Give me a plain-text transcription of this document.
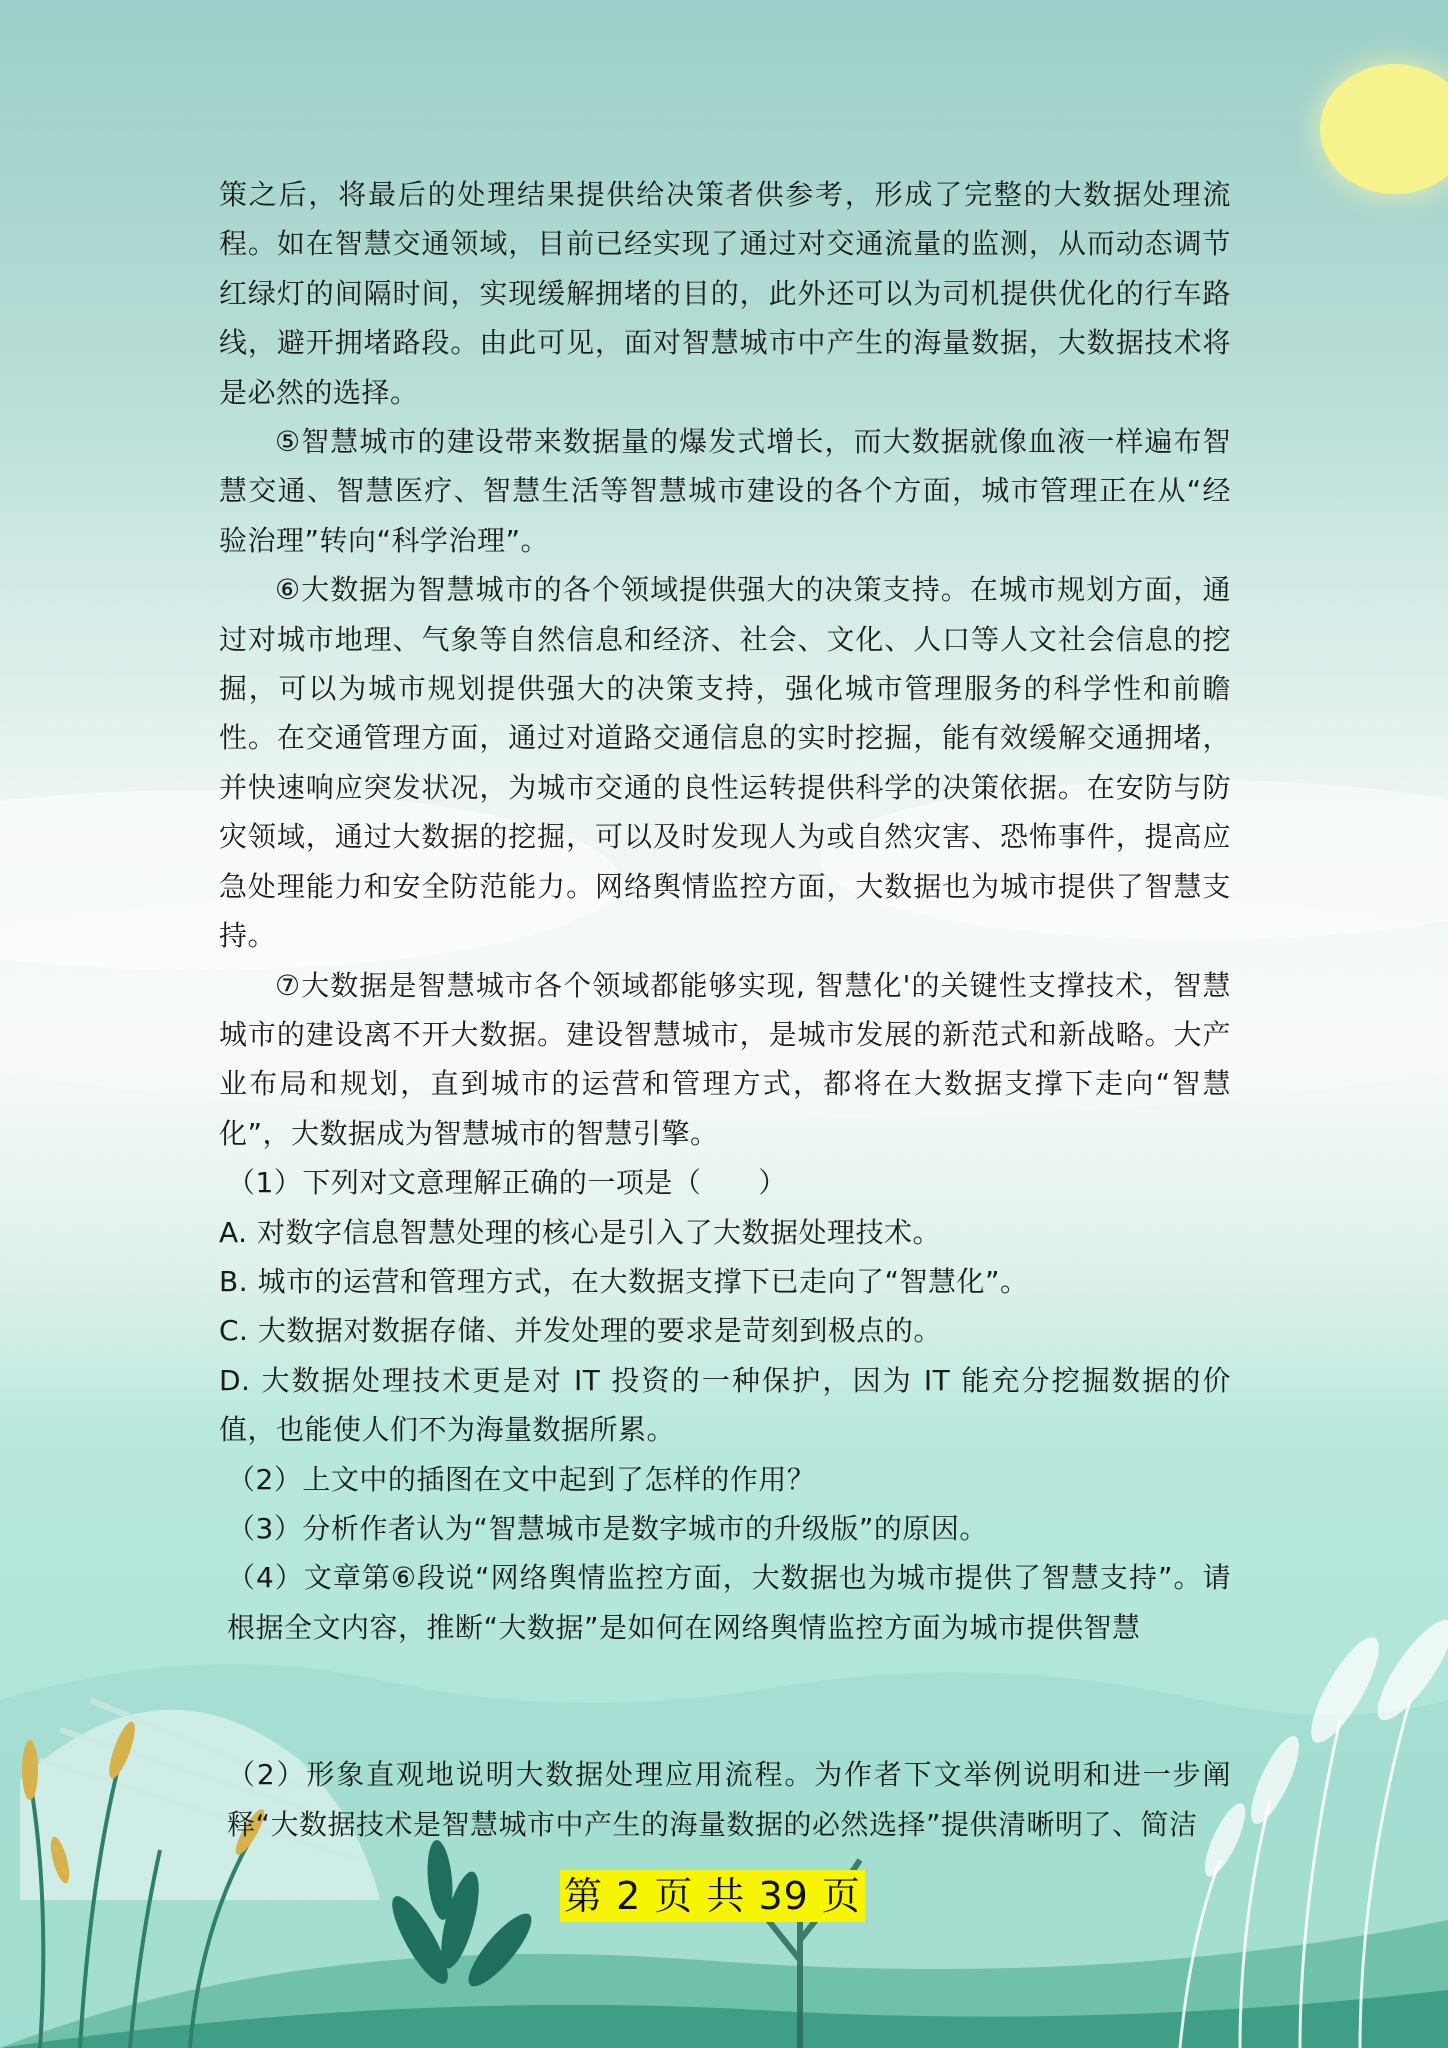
策之后，将最后的处理结果提供给决策者供参考，形成了完整的大数据处理流程。如在智慧交通领域，目前已经实现了通过对交通流量的监测，从而动态调节红绿灯的间隔时间，实现缓解拥堵的目的，此外还可以为司机提供优化的行车路线，避开拥堵路段。由此可见，面对智慧城市中产生的海量数据，大数据技术将是必然的选择。

⑤智慧城市的建设带来数据量的爆发式增长，而大数据就像血液一样遍布智慧交通、智慧医疗、智慧生活等智慧城市建设的各个方面，城市管理正在从“经验治理”转向“科学治理”。

⑥大数据为智慧城市的各个领域提供强大的决策支持。在城市规划方面，通过对城市地理、气象等自然信息和经济、社会、文化、人口等人文社会信息的挖掘，可以为城市规划提供强大的决策支持，强化城市管理服务的科学性和前瞻性。在交通管理方面，通过对道路交通信息的实时挖掘，能有效缓解交通拥堵，并快速响应突发状况，为城市交通的良性运转提供科学的决策依据。在安防与防灾领域，通过大数据的挖掘，可以及时发现人为或自然灾害、恐怖事件，提高应急处理能力和安全防范能力。网络舆情监控方面，大数据也为城市提供了智慧支持。

⑦大数据是智慧城市各个领域都能够实现, 智慧化'的关键性支撑技术，智慧城市的建设离不开大数据。建设智慧城市，是城市发展的新范式和新战略。大产业布局和规划，直到城市的运营和管理方式，都将在大数据支撑下走向“智慧化”，大数据成为智慧城市的智慧引擎。

（1）下列对文意理解正确的一项是（　　）

A. 对数字信息智慧处理的核心是引入了大数据处理技术。

B. 城市的运营和管理方式，在大数据支撑下已走向了“智慧化”。

C. 大数据对数据存储、并发处理的要求是苛刻到极点的。

D. 大数据处理技术更是对 IT 投资的一种保护，因为 IT 能充分挖掘数据的价值，也能使人们不为海量数据所累。

（2）上文中的插图在文中起到了怎样的作用？

（3）分析作者认为“智慧城市是数字城市的升级版”的原因。

（4）文章第⑥段说“网络舆情监控方面，大数据也为城市提供了智慧支持”。请根据全文内容，推断“大数据”是如何在网络舆情监控方面为城市提供智慧

（2）形象直观地说明大数据处理应用流程。为作者下文举例说明和进一步阐释“大数据技术是智慧城市中产生的海量数据的必然选择”提供清晰明了、简洁

第 2 页 共 39 页
